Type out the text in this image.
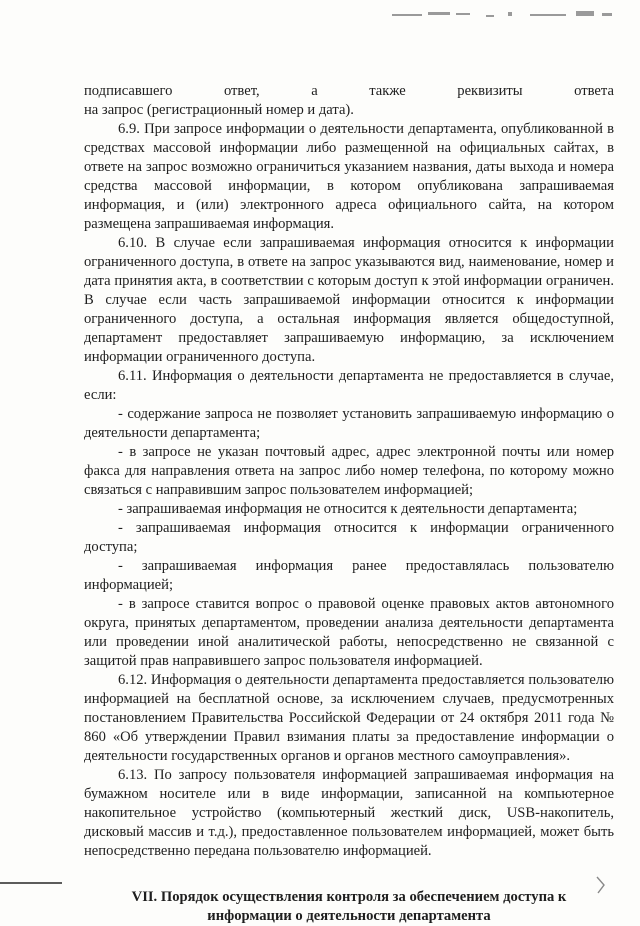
подписавшего	ответ,	а	также	реквизиты	ответа

на запрос (регистрационный номер и дата).

6.9. При запросе информации о деятельности департамента, опубликованной в средствах массовой информации либо размещенной на официальных сайтах, в ответе на запрос возможно ограничиться указанием названия, даты выхода и номера средства массовой информации, в котором опубликована запрашиваемая информация, и (или) электронного адреса официального сайта, на котором размещена запрашиваемая информация.

6.10. В случае если запрашиваемая информация относится к информации ограниченного доступа, в ответе на запрос указываются вид, наименование, номер и дата принятия акта, в соответствии с которым доступ к этой информации ограничен. В случае если часть запрашиваемой информации относится к информации ограниченного доступа, а остальная информация является общедоступной, департамент предоставляет запрашиваемую информацию, за исключением информации ограниченного доступа.

6.11. Информация о деятельности департамента не предоставляется в случае, если:

- содержание запроса не позволяет установить запрашиваемую информацию о деятельности департамента;

- в запросе не указан почтовый адрес, адрес электронной почты или номер факса для направления ответа на запрос либо номер телефона, по которому можно связаться с направившим запрос пользователем информацией;

- запрашиваемая информация не относится к деятельности департамента;

- запрашиваемая информация относится к информации ограниченного доступа;

- запрашиваемая информация ранее предоставлялась пользователю информацией;

- в запросе ставится вопрос о правовой оценке правовых актов автономного округа, принятых департаментом, проведении анализа деятельности департамента или проведении иной аналитической работы, непосредственно не связанной с защитой прав направившего запрос пользователя информацией.

6.12. Информация о деятельности департамента предоставляется пользователю информацией на бесплатной основе, за исключением случаев, предусмотренных постановлением Правительства Российской Федерации от 24 октября 2011 года № 860 «Об утверждении Правил взимания платы за предоставление информации о деятельности государственных органов и органов местного самоуправления».

6.13. По запросу пользователя информацией запрашиваемая информация на бумажном носителе или в виде информации, записанной на компьютерное накопительное устройство (компьютерный жесткий диск, USB-накопитель, дисковый массив и т.д.), предоставленное пользователем информацией, может быть непосредственно передана пользователю информацией.

VII. Порядок осуществления контроля за обеспечением доступа к информации о деятельности департамента
